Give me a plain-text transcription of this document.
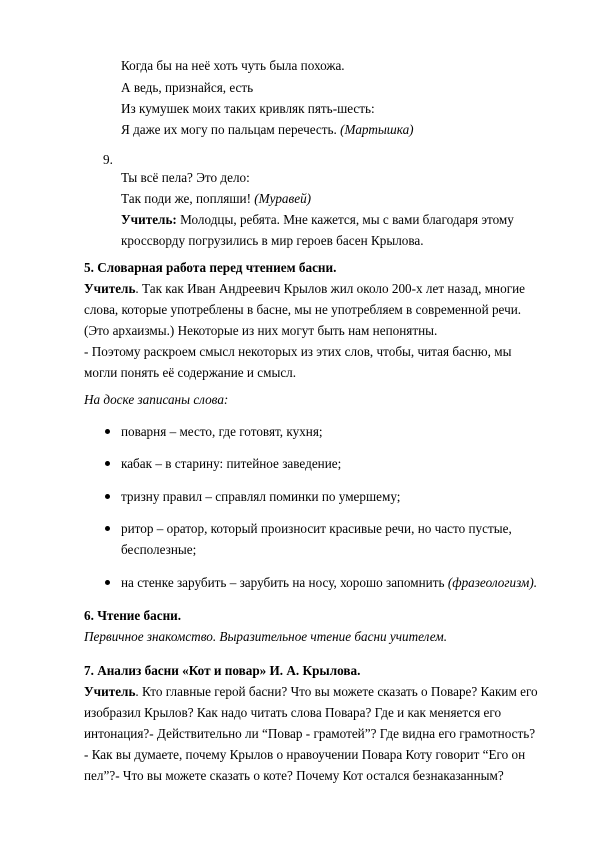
Когда бы на неё хоть чуть была похожа.
А ведь, признайся, есть
Из кумушек моих таких кривляк пять-шесть:
Я даже их могу по пальцам перечесть. (Мартышка)
9.
Ты всё пела? Это дело:
Так поди же, попляши! (Муравей)
Учитель: Молодцы, ребята. Мне кажется, мы с вами благодаря этому
кроссворду погрузились в мир героев басен Крылова.
5. Словарная работа перед чтением басни.
Учитель. Так как Иван Андреевич Крылов жил около 200-х лет назад, многие
слова, которые употреблены в басне, мы не употребляем в современной речи.
(Это архаизмы.) Некоторые из них могут быть нам непонятны.
- Поэтому раскроем смысл некоторых из этих слов, чтобы, читая басню, мы
могли понять её содержание и смысл.
На доске записаны слова:
поварня – место, где готовят, кухня;
кабак – в старину: питейное заведение;
тризну правил – справлял поминки по умершему;
ритор – оратор, который произносит красивые речи, но часто пустые,
бесполезные;
на стенке зарубить – зарубить на носу, хорошо запомнить (фразеологизм).
6. Чтение басни.
Первичное знакомство. Выразительное чтение басни учителем.
7. Анализ басни «Кот и повар» И. А. Крылова.
Учитель. Кто главные герой басни? Что вы можете сказать о Поваре? Каким его
изобразил Крылов? Как надо читать слова Повара? Где и как меняется его
интонация?- Действительно ли “Повар - грамотей”? Где видна его грамотность?
- Как вы думаете, почему Крылов о нравоучении Повара Коту говорит “Его он
пел”?- Что вы можете сказать о коте? Почему Кот остался безнаказанным?
